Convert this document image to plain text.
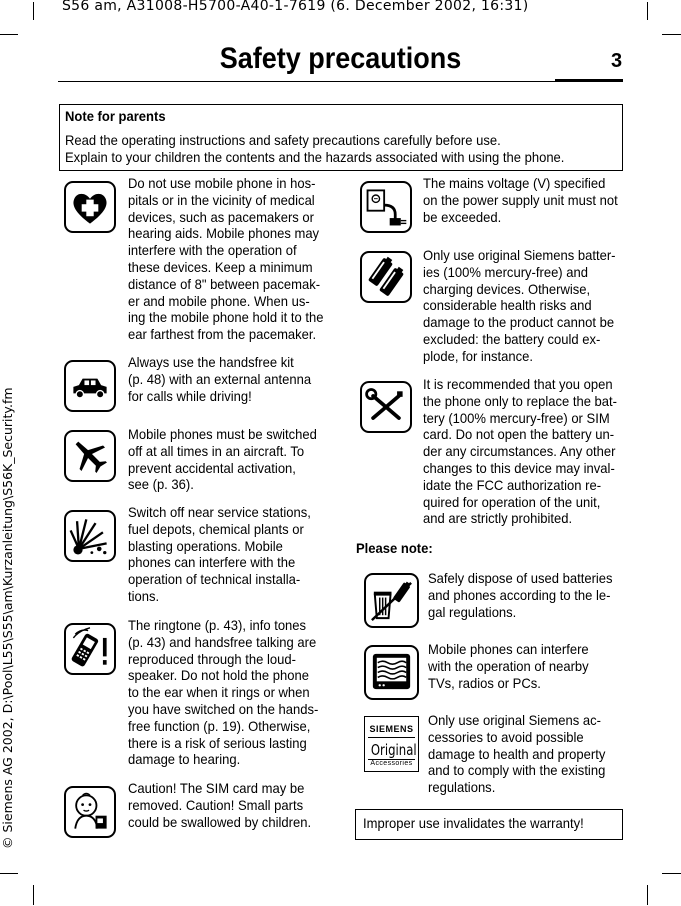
S56 am, A31008-H5700-A40-1-7619 (6. December 2002, 16:31)
© Siemens AG 2002, D:\Pool\L55\S55\am\Kurzanleitung\S56K_Security.fm
Safety precautions	3
Note for parents
Read the operating instructions and safety precautions carefully before use.
Explain to your children the contents and the hazards associated with using the phone.
Do not use mobile phone in hos-
pitals or in the vicinity of medical
devices, such as pacemakers or
hearing aids. Mobile phones may
interfere with the operation of
these devices. Keep a minimum
distance of 8" between pacemak-
er and mobile phone. When us-
ing the mobile phone hold it to the
ear farthest from the pacemaker.
Always use the handsfree kit
(p. 48) with an external antenna
for calls while driving!
Mobile phones must be switched
off at all times in an aircraft. To
prevent accidental activation,
see (p. 36).
Switch off near service stations,
fuel depots, chemical plants or
blasting operations. Mobile
phones can interfere with the
operation of technical installa-
tions.
The ringtone (p. 43), info tones
(p. 43) and handsfree talking are
reproduced through the loud-
speaker. Do not hold the phone
to the ear when it rings or when
you have switched on the hands-
free function (p. 19). Otherwise,
there is a risk of serious lasting
damage to hearing.
Caution! The SIM card may be
removed. Caution! Small parts
could be swallowed by children.
The mains voltage (V) specified
on the power supply unit must not
be exceeded.
Only use original Siemens batter-
ies (100% mercury-free) and
charging devices. Otherwise,
considerable health risks and
damage to the product cannot be
excluded: the battery could ex-
plode, for instance.
It is recommended that you open
the phone only to replace the bat-
tery (100% mercury-free) or SIM
card. Do not open the battery un-
der any circumstances. Any other
changes to this device may inval-
idate the FCC authorization re-
quired for operation of the unit,
and are strictly prohibited.
Please note:
Safely dispose of used batteries
and phones according to the le-
gal regulations.
Mobile phones can interfere
with the operation of nearby
TVs, radios or PCs.
SIEMENS
Original
Accessories
Only use original Siemens ac-
cessories to avoid possible
damage to health and property
and to comply with the existing
regulations.
Improper use invalidates the warranty!
